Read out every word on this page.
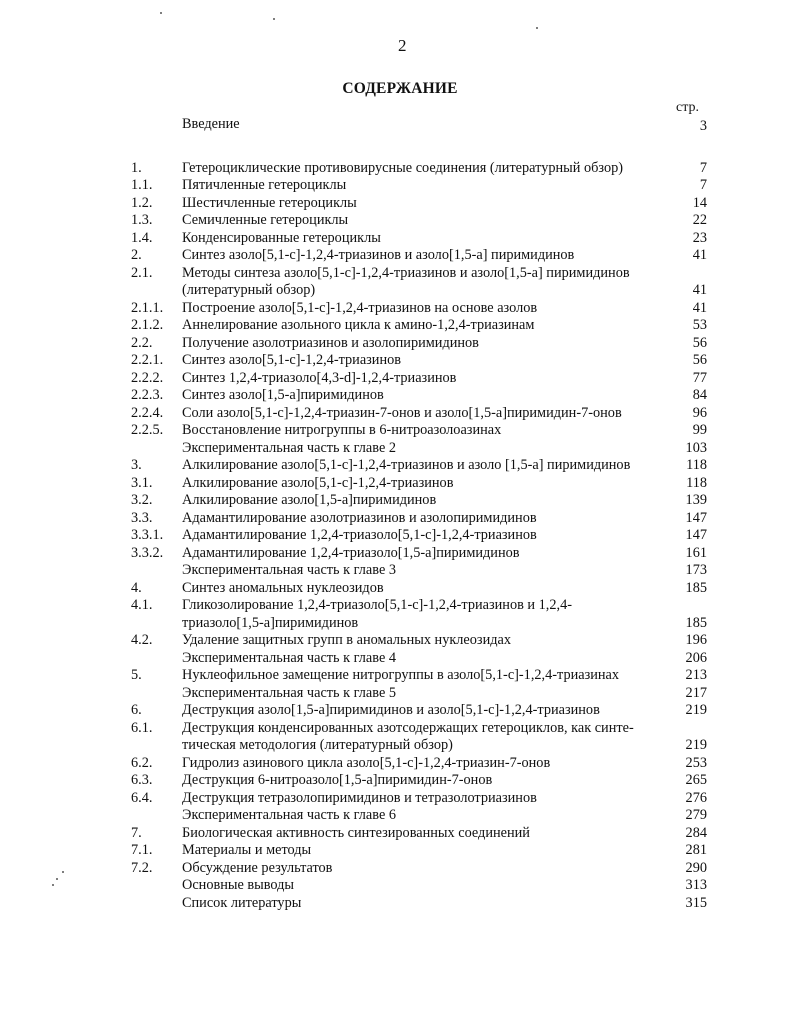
2
СОДЕРЖАНИЕ
стр.
Введение	3
1.	Гетероциклические противовирусные соединения (литературный обзор)	7
1.1. Пятичленные гетероциклы	7
1.2. Шестичленные гетероциклы	14
1.3. Семичленные гетероциклы	22
1.4. Конденсированные гетероциклы	23
2.	Синтез азоло[5,1-с]-1,2,4-триазинов и азоло[1,5-а] пиримидинов	41
2.1. Методы синтеза азоло[5,1-с]-1,2,4-триазинов и азоло[1,5-а] пиримидинов
(литературный обзор)	41
2.1.1. Построение азоло[5,1-с]-1,2,4-триазинов на основе азолов	41
2.1.2. Аннелирование азольного цикла к амино-1,2,4-триазинам	53
2.2. Получение азолотриазинов и азолопиримидинов	56
2.2.1. Синтез азоло[5,1-с]-1,2,4-триазинов	56
2.2.2. Синтез 1,2,4-триазоло[4,3-d]-1,2,4-триазинов	77
2.2.3. Синтез азоло[1,5-а]пиримидинов	84
2.2.4. Соли азоло[5,1-с]-1,2,4-триазин-7-онов и азоло[1,5-а]пиримидин-7-онов	96
2.2.5. Восстановление нитрогруппы в 6-нитроазолоазинах	99
Экспериментальная часть к главе 2	103
3.	Алкилирование азоло[5,1-с]-1,2,4-триазинов и азоло [1,5-а] пиримидинов	118
3.1. Алкилирование азоло[5,1-с]-1,2,4-триазинов	118
3.2. Алкилирование азоло[1,5-а]пиримидинов	139
3.3. Адамантилирование азолотриазинов и азолопиримидинов	147
3.3.1. Адамантилирование 1,2,4-триазоло[5,1-с]-1,2,4-триазинов	147
3.3.2. Адамантилирование 1,2,4-триазоло[1,5-а]пиримидинов	161
Экспериментальная часть к главе 3	173
4.	Синтез аномальных нуклеозидов	185
4.1. Гликозолирование 1,2,4-триазоло[5,1-с]-1,2,4-триазинов и 1,2,4-
триазоло[1,5-а]пиримидинов	185
4.2. Удаление защитных групп в аномальных нуклеозидах	196
Экспериментальная часть к главе 4	206
5.	Нуклеофильное замещение нитрогруппы в азоло[5,1-с]-1,2,4-триазинах	213
Экспериментальная часть к главе 5	217
6.	Деструкция азоло[1,5-а]пиримидинов и азоло[5,1-с]-1,2,4-триазинов	219
6.1. Деструкция конденсированных азотсодержащих гетероциклов, как синте-
тическая методология (литературный обзор)	219
6.2. Гидролиз азинового цикла азоло[5,1-с]-1,2,4-триазин-7-онов	253
6.3. Деструкция 6-нитроазоло[1,5-а]пиримидин-7-онов	265
6.4. Деструкция тетразолопиримидинов и тетразолотриазинов	276
Экспериментальная часть к главе 6	279
7.	Биологическая активность синтезированных соединений	284
7.1. Материалы и методы	281
7.2. Обсуждение результатов	290
Основные выводы	313
Список литературы	315
